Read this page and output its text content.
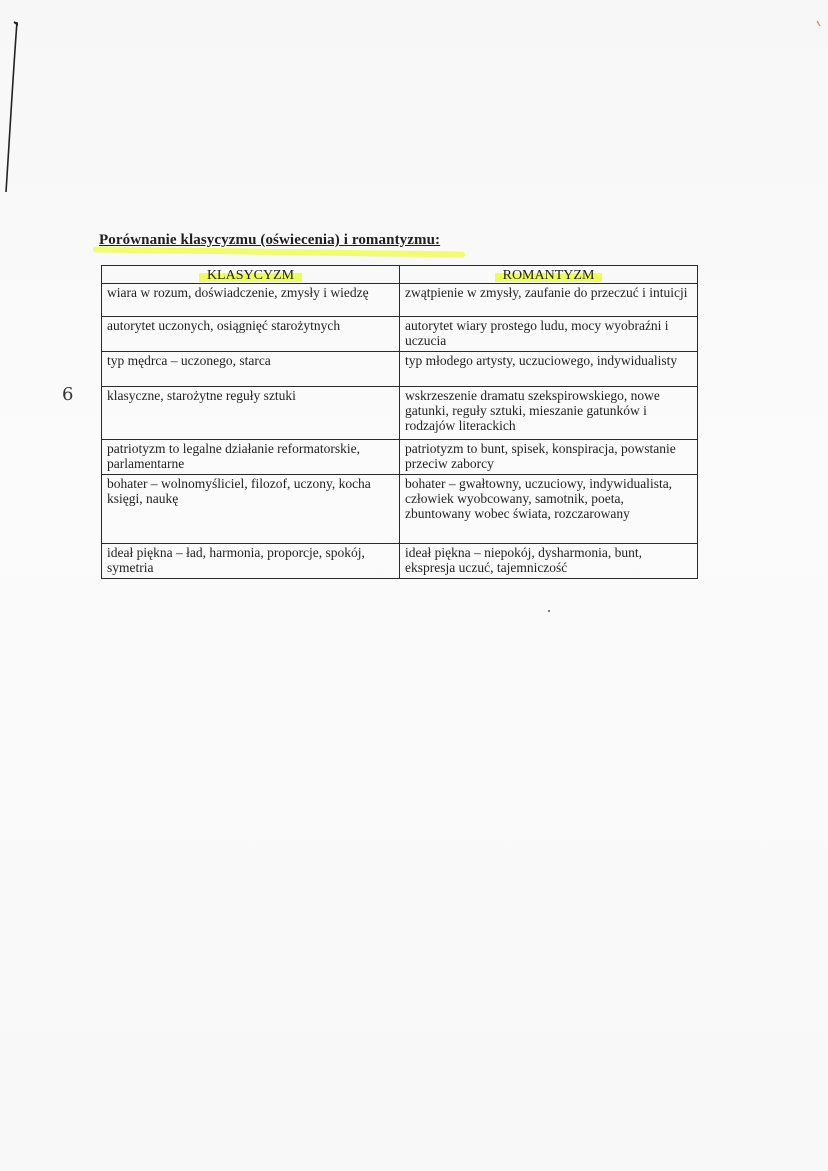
Porównanie klasycyzmu (oświecenia) i romantyzmu:
6
KLASYCYZM	ROMANTYZM
wiara w rozum, doświadczenie, zmysły i wiedzę	zwątpienie w zmysły, zaufanie do przeczuć i intuicji
autorytet uczonych, osiągnięć starożytnych	autorytet wiary prostego ludu, mocy wyobraźni i uczucia
typ mędrca – uczonego, starca	typ młodego artysty, uczuciowego, indywidualisty
klasyczne, starożytne reguły sztuki	wskrzeszenie dramatu szekspirowskiego, nowe gatunki, reguły sztuki, mieszanie gatunków i rodzajów literackich
patriotyzm to legalne działanie reformatorskie, parlamentarne	patriotyzm to bunt, spisek, konspiracja, powstanie przeciw zaborcy
bohater – wolnomyśliciel, filozof, uczony, kocha księgi, naukę	bohater – gwałtowny, uczuciowy, indywidualista, człowiek wyobcowany, samotnik, poeta, zbuntowany wobec świata, rozczarowany
ideał piękna – ład, harmonia, proporcje, spokój, symetria	ideał piękna – niepokój, dysharmonia, bunt, ekspresja uczuć, tajemniczość
